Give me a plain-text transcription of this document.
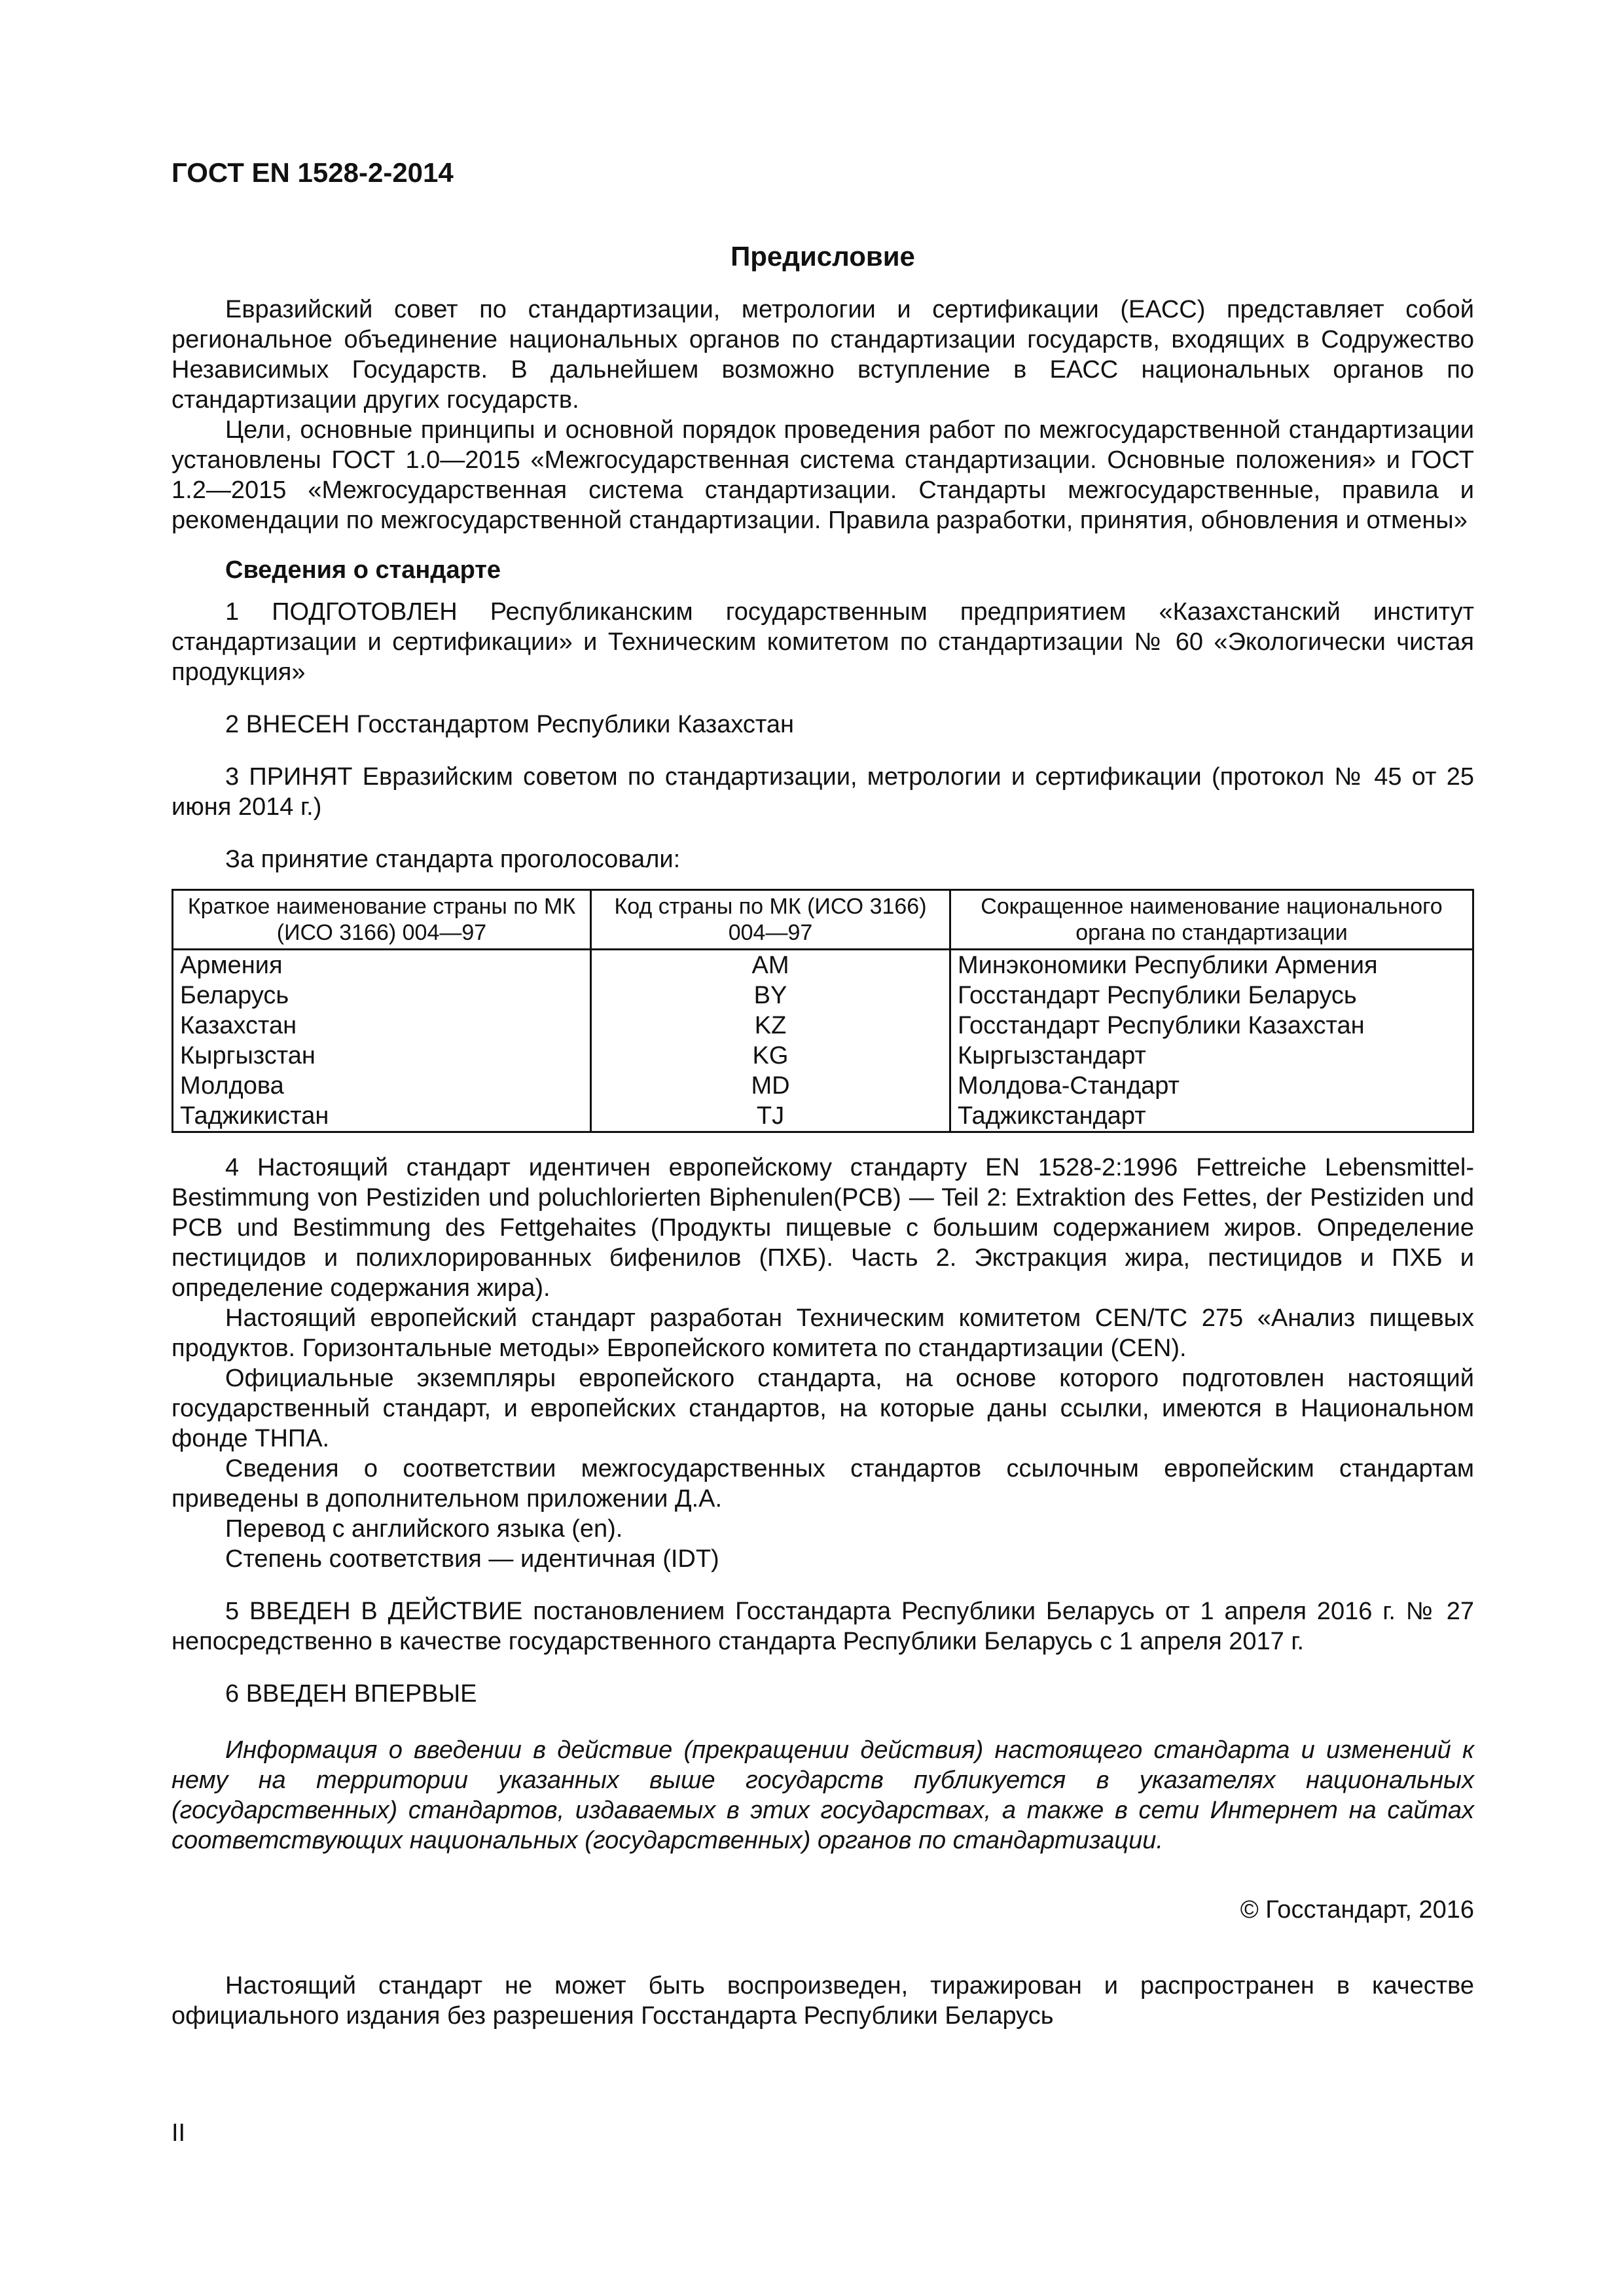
ГОСТ EN 1528-2-2014
Предисловие

Евразийский совет по стандартизации, метрологии и сертификации (ЕАСС) представляет собой региональное объединение национальных органов по стандартизации государств, входящих в Содружество Независимых Государств. В дальнейшем возможно вступление в ЕАСС национальных органов по стандартизации других государств.

Цели, основные принципы и основной порядок проведения работ по межгосударственной стандартизации установлены ГОСТ 1.0—2015 «Межгосударственная система стандартизации. Основные положения» и ГОСТ 1.2—2015 «Межгосударственная система стандартизации. Стандарты межгосударственные, правила и рекомендации по межгосударственной стандартизации. Правила разработки, принятия, обновления и отмены»

Сведения о стандарте

1 ПОДГОТОВЛЕН Республиканским государственным предприятием «Казахстанский институт стандартизации и сертификации» и Техническим комитетом по стандартизации № 60 «Экологически чистая продукция»

2 ВНЕСЕН Госстандартом Республики Казахстан

3 ПРИНЯТ Евразийским советом по стандартизации, метрологии и сертификации (протокол № 45 от 25 июня 2014 г.)

За принятие стандарта проголосовали:

Краткое наименование страны по МК (ИСО 3166) 004—97	Код страны по МК (ИСО 3166) 004—97	Сокращенное наименование национального органа по стандартизации
Армения	AM	Минэкономики Республики Армения
Беларусь	BY	Госстандарт Республики Беларусь
Казахстан	KZ	Госстандарт Республики Казахстан
Кыргызстан	KG	Кыргызстандарт
Молдова	MD	Молдова-Стандарт
Таджикистан	TJ	Таджикстандарт

4 Настоящий стандарт идентичен европейскому стандарту EN 1528-2:1996 Fettreiche Lebensmittel-Bestimmung von Pestiziden und poluchlorierten Biphenulen(PCB) — Teil 2: Extraktion des Fettes, der Pestiziden und PCB und Bestimmung des Fettgehaites (Продукты пищевые с большим содержанием жиров. Определение пестицидов и полихлорированных бифенилов (ПХБ). Часть 2. Экстракция жира, пестицидов и ПХБ и определение содержания жира).

Настоящий европейский стандарт разработан Техническим комитетом CEN/TC 275 «Анализ пищевых продуктов. Горизонтальные методы» Европейского комитета по стандартизации (CEN).

Официальные экземпляры европейского стандарта, на основе которого подготовлен настоящий государственный стандарт, и европейских стандартов, на которые даны ссылки, имеются в Национальном фонде ТНПА.

Сведения о соответствии межгосударственных стандартов ссылочным европейским стандартам приведены в дополнительном приложении Д.А.

Перевод с английского языка (en).

Степень соответствия — идентичная (IDT)

5 ВВЕДЕН В ДЕЙСТВИЕ постановлением Госстандарта Республики Беларусь от 1 апреля 2016 г. № 27 непосредственно в качестве государственного стандарта Республики Беларусь с 1 апреля 2017 г.

6 ВВЕДЕН ВПЕРВЫЕ

Информация о введении в действие (прекращении действия) настоящего стандарта и изменений к нему на территории указанных выше государств публикуется в указателях национальных (государственных) стандартов, издаваемых в этих государствах, а также в сети Интернет на сайтах соответствующих национальных (государственных) органов по стандартизации.
© Госстандарт, 2016

Настоящий стандарт не может быть воспроизведен, тиражирован и распространен в качестве официального издания без разрешения Госстандарта Республики Беларусь

II
